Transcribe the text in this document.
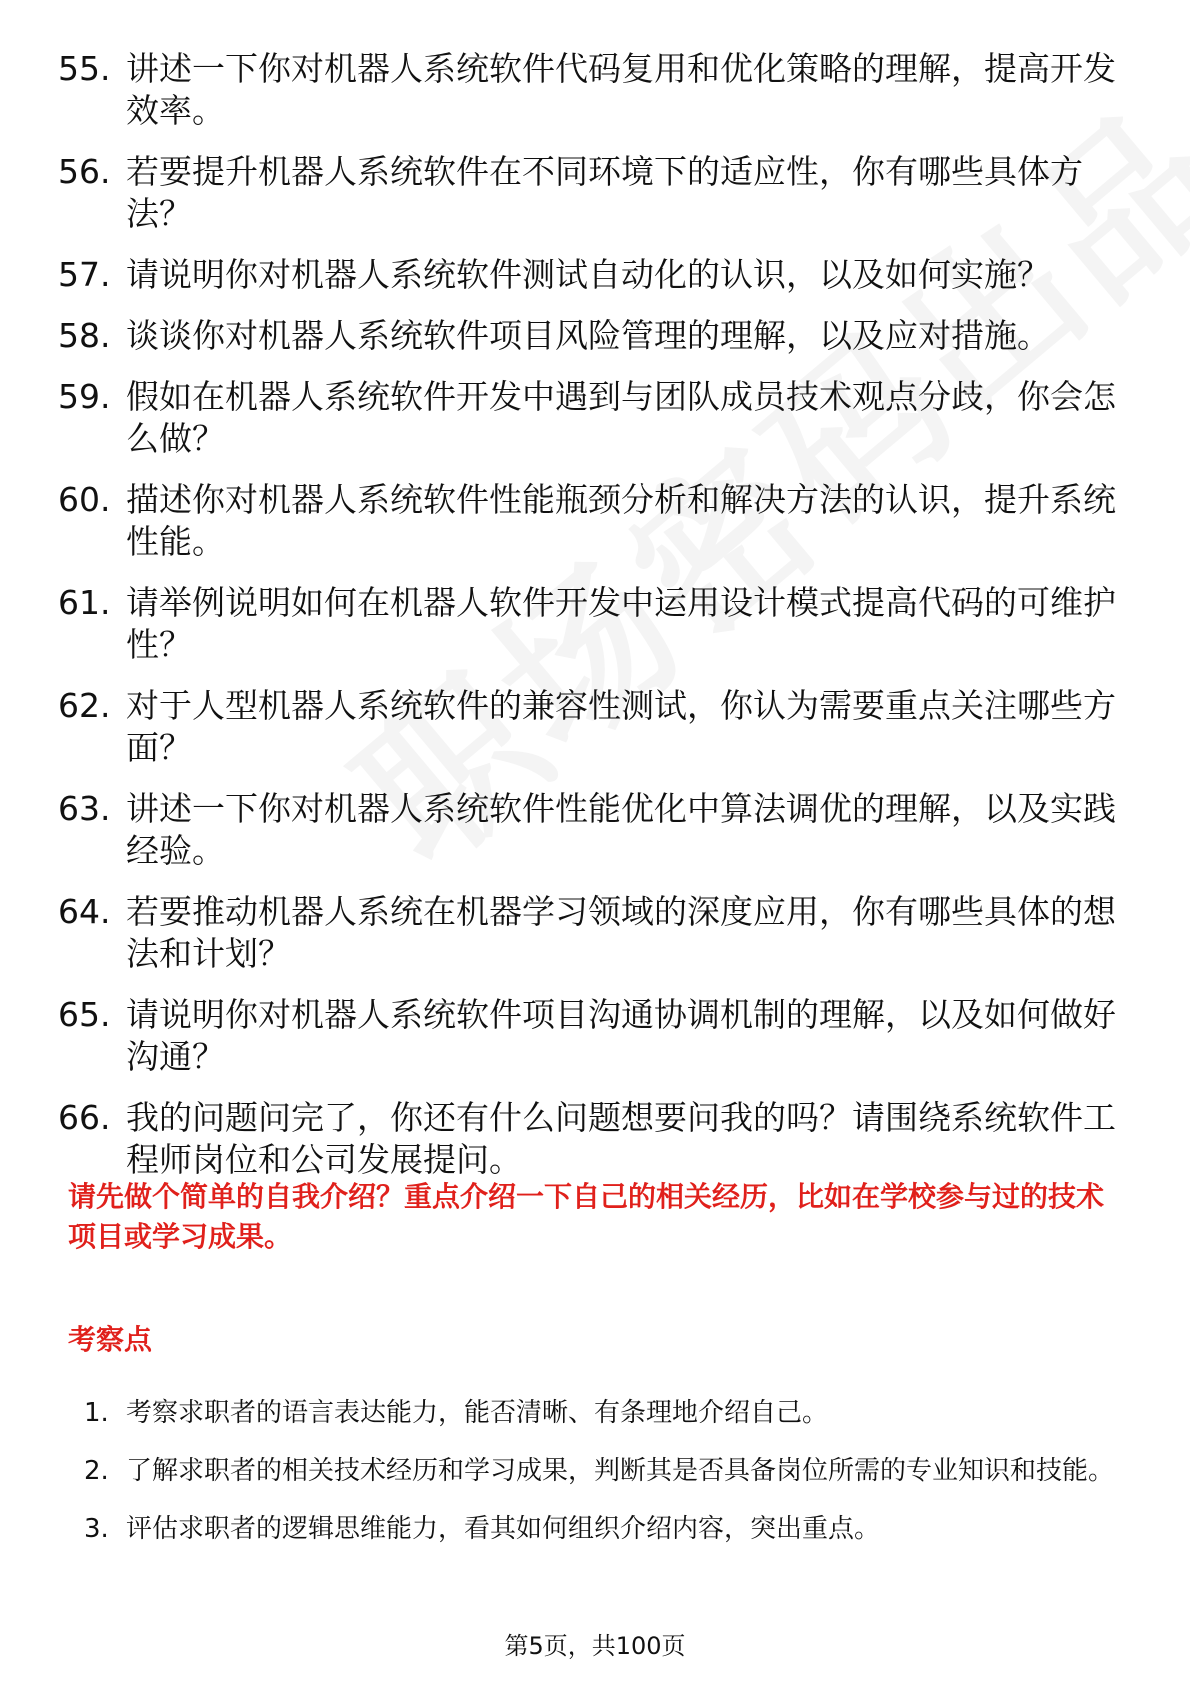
55. 讲述一下你对机器人系统软件代码复用和优化策略的理解，提高开发效率。
56. 若要提升机器人系统软件在不同环境下的适应性，你有哪些具体方法？
57. 请说明你对机器人系统软件测试自动化的认识，以及如何实施？
58. 谈谈你对机器人系统软件项目风险管理的理解，以及应对措施。
59. 假如在机器人系统软件开发中遇到与团队成员技术观点分歧，你会怎么做？
60. 描述你对机器人系统软件性能瓶颈分析和解决方法的认识，提升系统性能。
61. 请举例说明如何在机器人软件开发中运用设计模式提高代码的可维护性？
62. 对于人型机器人系统软件的兼容性测试，你认为需要重点关注哪些方面？
63. 讲述一下你对机器人系统软件性能优化中算法调优的理解，以及实践经验。
64. 若要推动机器人系统在机器学习领域的深度应用，你有哪些具体的想法和计划？
65. 请说明你对机器人系统软件项目沟通协调机制的理解，以及如何做好沟通？
66. 我的问题问完了，你还有什么问题想要问我的吗？请围绕系统软件工程师岗位和公司发展提问。

请先做个简单的自我介绍？重点介绍一下自己的相关经历，比如在学校参与过的技术项目或学习成果。

考察点
1. 考察求职者的语言表达能力，能否清晰、有条理地介绍自己。
2. 了解求职者的相关技术经历和学习成果，判断其是否具备岗位所需的专业知识和技能。
3. 评估求职者的逻辑思维能力，看其如何组织介绍内容，突出重点。
第5页，共100页
